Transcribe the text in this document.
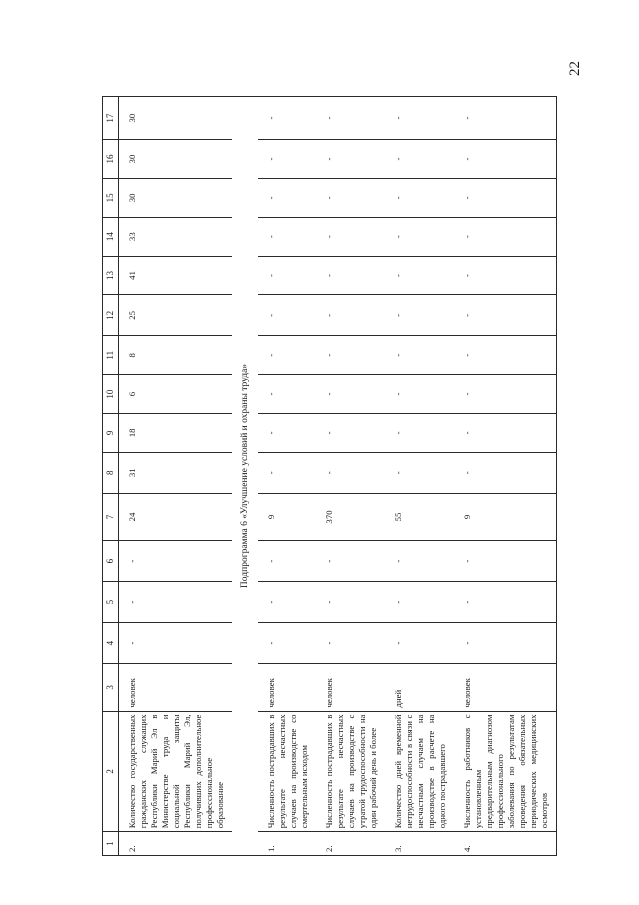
22
1	2	3	4	5	6	7	8	9	10	11	12	13	14	15	16	17
2.	Количество государственных гражданских служащих Республики Марий Эл в Министерстве труда и социальной защиты Республики Марий Эл, получивших дополнительное профессиональное образование	человек	-	-	-	24	31	18	6	8	25	41	33	30	30	30
Подпрограмма 6 «Улучшение условий и охраны труда»																
1.	Численность пострадавших в результате несчастных случаев на производстве со смертельным исходом	человек	-	-	-	9	-	-	-	-	-	-	-	-	-	-
2.	Численность пострадавших в результате несчастных случаев на производстве с утратой трудоспособности на один рабочий день и более	человек	-	-	-	370	-	-	-	-	-	-	-	-	-	-
3.	Количество дней временной нетрудоспособности в связи с несчастным случаем на производстве в расчете на одного пострадавшего	дней	-	-	-	55	-	-	-	-	-	-	-	-	-	-
4.	Численность работников с установленным предварительным диагнозом профессионального заболевания по результатам проведения обязательных периодических медицинских осмотров	человек	-	-	-	9	-	-	-	-	-	-	-	-	-	-
